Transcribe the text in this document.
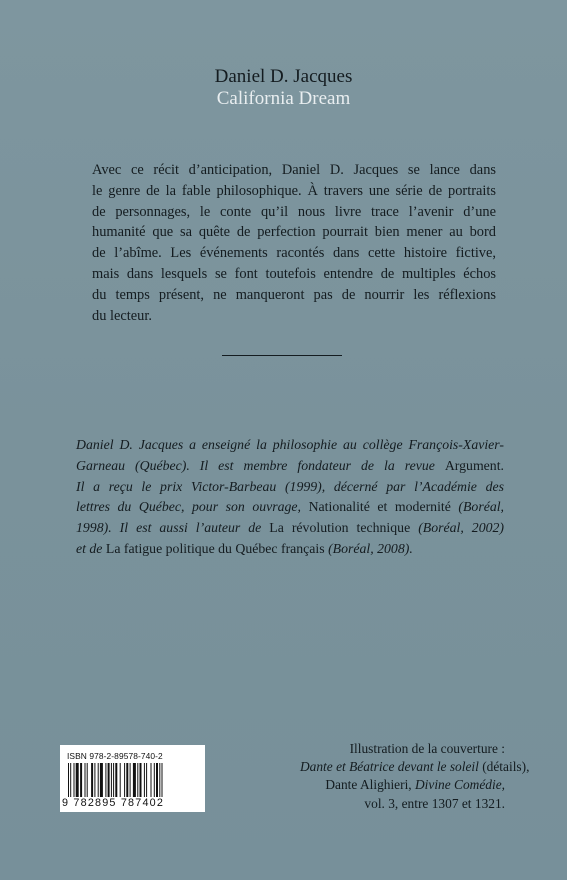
Daniel D. Jacques
California Dream
Avec ce récit d’anticipation, Daniel D. Jacques se lance dans
le genre de la fable philosophique. À travers une série de portraits
de personnages, le conte qu’il nous livre trace l’avenir d’une
humanité que sa quête de perfection pourrait bien mener au bord
de l’abîme. Les événements racontés dans cette histoire fictive,
mais dans lesquels se font toutefois entendre de multiples échos
du temps présent, ne manqueront pas de nourrir les réflexions
du lecteur.
Daniel D. Jacques a enseigné la philosophie au collège François-Xavier-
Garneau (Québec). Il est membre fondateur de la revue Argument.
Il a reçu le prix Victor-Barbeau (1999), décerné par l’Académie des
lettres du Québec, pour son ouvrage, Nationalité et modernité (Boréal,
1998). Il est aussi l’auteur de La révolution technique (Boréal, 2002)
et de La fatigue politique du Québec français (Boréal, 2008).
ISBN 978-2-89578-740-2
9 782895 787402
Illustration de la couverture :
Dante et Béatrice devant le soleil (détails),
Dante Alighieri, Divine Comédie,
vol. 3, entre 1307 et 1321.
